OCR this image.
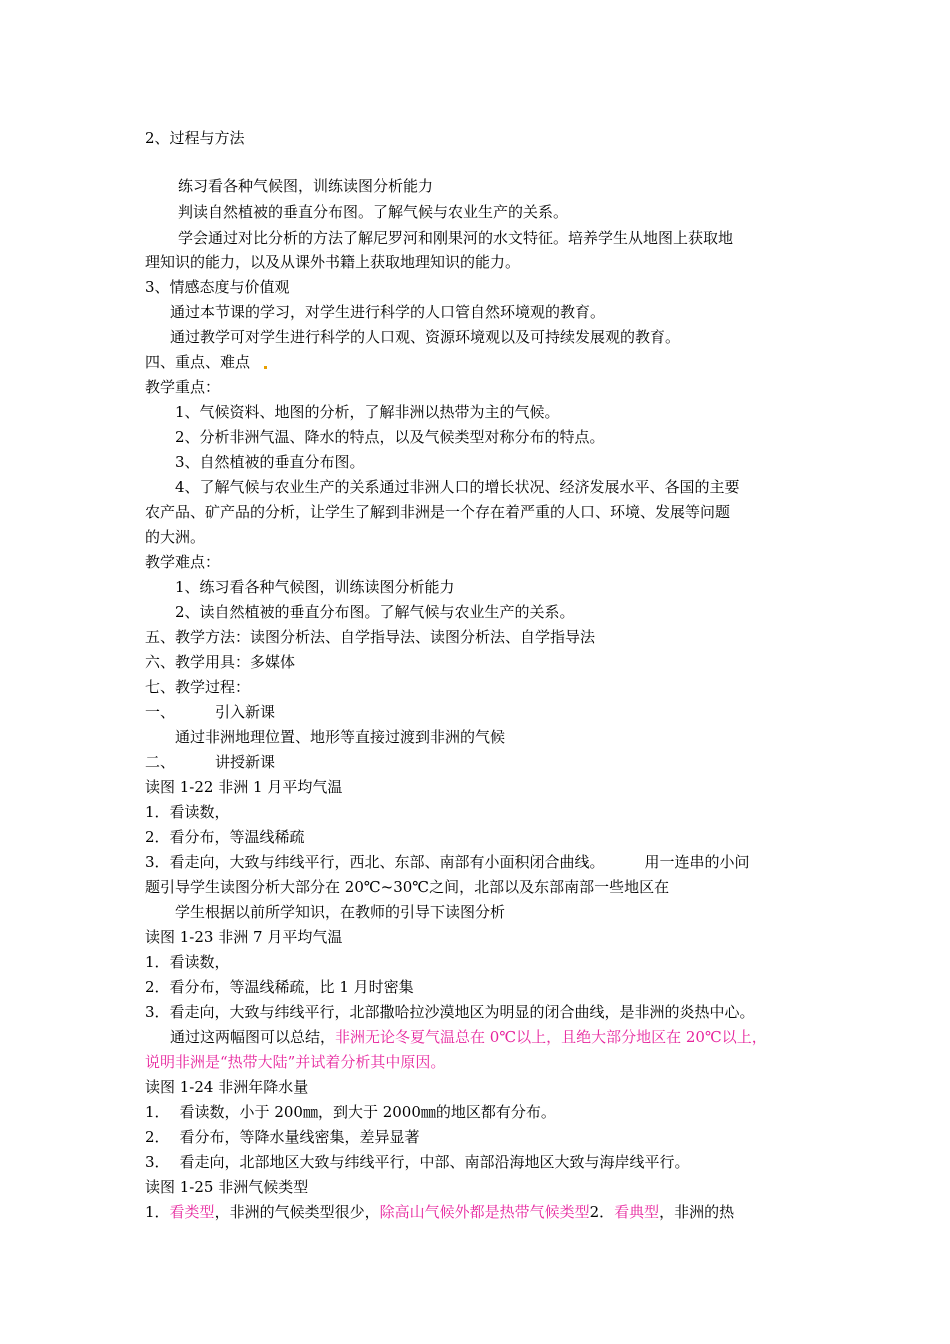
2、过程与方法
练习看各种气候图，训练读图分析能力
判读自然植被的垂直分布图。了解气候与农业生产的关系。
学会通过对比分析的方法了解尼罗河和刚果河的水文特征。培养学生从地图上获取地
理知识的能力，以及从课外书籍上获取地理知识的能力。
3、情感态度与价值观
通过本节课的学习，对学生进行科学的人口管自然环境观的教育。
通过教学可对学生进行科学的人口观、资源环境观以及可持续发展观的教育。
四、重点、难点
教学重点：
1、气候资料、地图的分析，了解非洲以热带为主的气候。
2、分析非洲气温、降水的特点，以及气候类型对称分布的特点。
3、自然植被的垂直分布图。
4、了解气候与农业生产的关系通过非洲人口的增长状况、经济发展水平、各国的主要
农产品、矿产品的分析，让学生了解到非洲是一个存在着严重的人口、环境、发展等问题
的大洲。
教学难点：
1、练习看各种气候图，训练读图分析能力
2、读自然植被的垂直分布图。了解气候与农业生产的关系。
五、教学方法：读图分析法、自学指导法、读图分析法、自学指导法
六、教学用具：多媒体
七、教学过程：
一、	引入新课
通过非洲地理位置、地形等直接过渡到非洲的气候
二、	讲授新课
读图 1-22 非洲 1 月平均气温
1．看读数，
2．看分布，等温线稀疏
3．看走向，大致与纬线平行，西北、东部、南部有小面积闭合曲线。	用一连串的小问
题引导学生读图分析大部分在 20℃~30℃之间，北部以及东部南部一些地区在
学生根据以前所学知识，在教师的引导下读图分析
读图 1-23 非洲 7 月平均气温
1．看读数，
2．看分布，等温线稀疏，比 1 月时密集
3．看走向，大致与纬线平行，北部撒哈拉沙漠地区为明显的闭合曲线，是非洲的炎热中心。
通过这两幅图可以总结，非洲无论冬夏气温总在 0℃以上，且绝大部分地区在 20℃以上，
说明非洲是“热带大陆”并试着分析其中原因。
读图 1-24 非洲年降水量
1． 看读数，小于 200㎜，到大于 2000㎜的地区都有分布。
2． 看分布，等降水量线密集，差异显著
3． 看走向，北部地区大致与纬线平行，中部、南部沿海地区大致与海岸线平行。
读图 1-25 非洲气候类型
1．看类型，非洲的气候类型很少，除高山气候外都是热带气候类型2．看典型，非洲的热
